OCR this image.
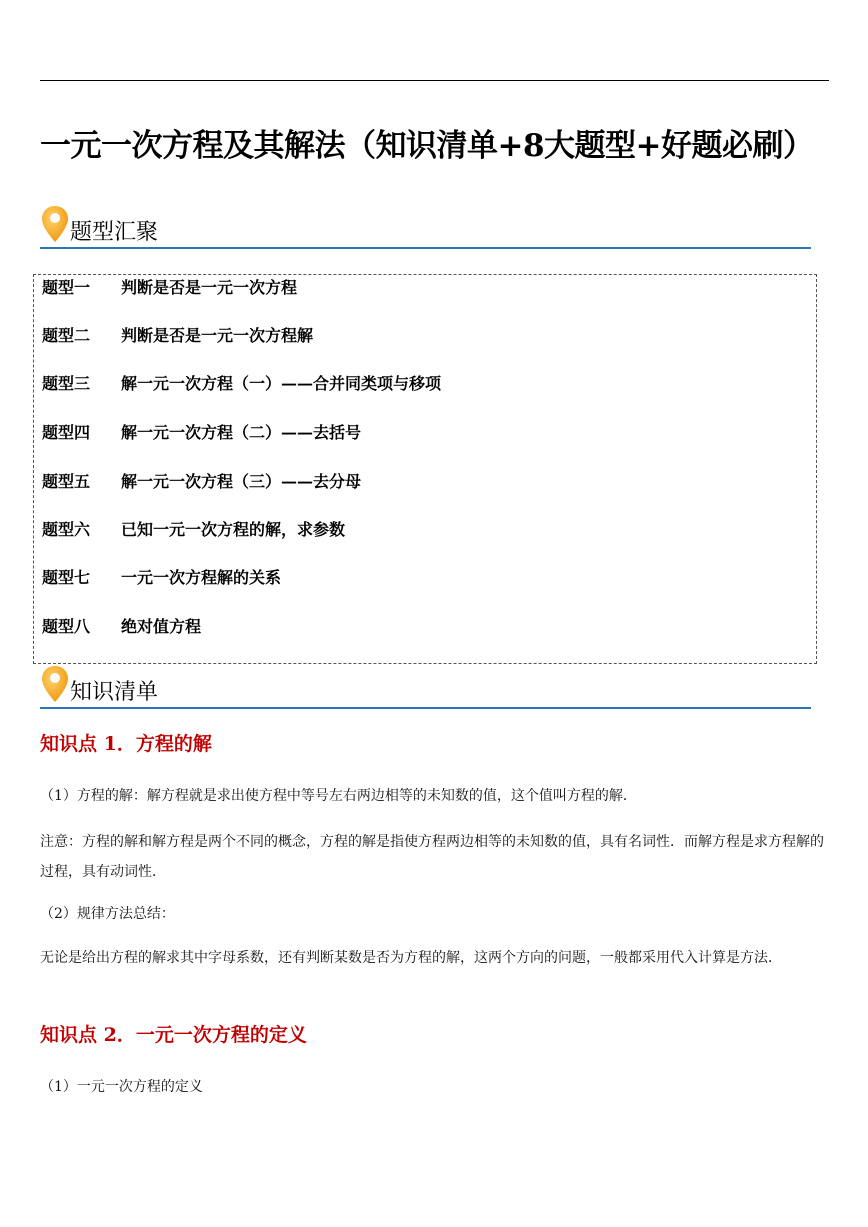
一元一次方程及其解法（知识清单+8大题型+好题必刷）
题型汇聚
题型一 判断是否是一元一次方程
题型二 判断是否是一元一次方程解
题型三 解一元一次方程（一）——合并同类项与移项
题型四 解一元一次方程（二）——去括号
题型五 解一元一次方程（三）——去分母
题型六 已知一元一次方程的解，求参数
题型七 一元一次方程解的关系
题型八 绝对值方程
知识清单
知识点 1．方程的解
（1）方程的解：解方程就是求出使方程中等号左右两边相等的未知数的值，这个值叫方程的解．
注意：方程的解和解方程是两个不同的概念，方程的解是指使方程两边相等的未知数的值，具有名词性．而解方程是求方程解的过程，具有动词性．
（2）规律方法总结：
无论是给出方程的解求其中字母系数，还有判断某数是否为方程的解，这两个方向的问题，一般都采用代入计算是方法．
知识点 2．一元一次方程的定义
（1）一元一次方程的定义
